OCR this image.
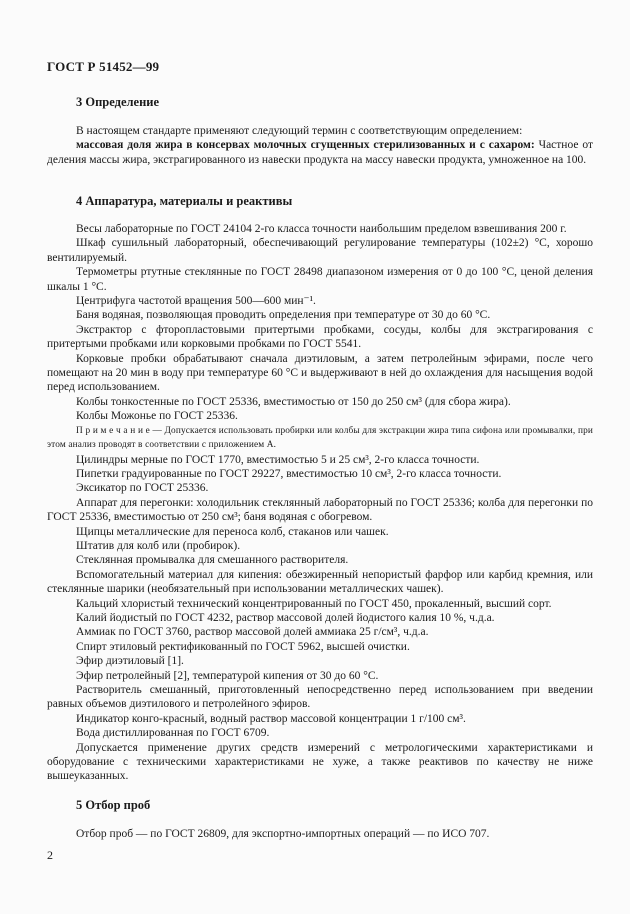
ГОСТ Р 51452—99
3 Определение

В настоящем стандарте применяют следующий термин с соответствующим определением:

массовая доля жира в консервах молочных сгущенных стерилизованных и с сахаром: Частное от деления массы жира, экстрагированного из навески продукта на массу навески продукта, умноженное на 100.

4 Аппаратура, материалы и реактивы

Весы лабораторные по ГОСТ 24104 2-го класса точности наибольшим пределом взвешивания 200 г.

Шкаф сушильный лабораторный, обеспечивающий регулирование температуры (102±2) °С, хорошо вентилируемый.

Термометры ртутные стеклянные по ГОСТ 28498 диапазоном измерения от 0 до 100 °С, ценой деления шкалы 1 °С.

Центрифуга частотой вращения 500—600 мин⁻¹.

Баня водяная, позволяющая проводить определения при температуре от 30 до 60 °С.

Экстрактор с фторопластовыми притертыми пробками, сосуды, колбы для экстрагирования с притертыми пробками или корковыми пробками по ГОСТ 5541.

Корковые пробки обрабатывают сначала диэтиловым, а затем петролейным эфирами, после чего помещают на 20 мин в воду при температуре 60 °С и выдерживают в ней до охлаждения для насыщения водой перед использованием.

Колбы тонкостенные по ГОСТ 25336, вместимостью от 150 до 250 см³ (для сбора жира).

Колбы Можонье по ГОСТ 25336.

П р и м е ч а н и е — Допускается использовать пробирки или колбы для экстракции жира типа сифона или промывалки, при этом анализ проводят в соответствии с приложением А.

Цилиндры мерные по ГОСТ 1770, вместимостью 5 и 25 см³, 2-го класса точности.

Пипетки градуированные по ГОСТ 29227, вместимостью 10 см³, 2-го класса точности.

Эксикатор по ГОСТ 25336.

Аппарат для перегонки: холодильник стеклянный лабораторный по ГОСТ 25336; колба для перегонки по ГОСТ 25336, вместимостью от 250 см³; баня водяная с обогревом.

Щипцы металлические для переноса колб, стаканов или чашек.

Штатив для колб или (пробирок).

Стеклянная промывалка для смешанного растворителя.

Вспомогательный материал для кипения: обезжиренный непористый фарфор или карбид кремния, или стеклянные шарики (необязательный при использовании металлических чашек).

Кальций хлористый технический концентрированный по ГОСТ 450, прокаленный, высший сорт.

Калий йодистый по ГОСТ 4232, раствор массовой долей йодистого калия 10 %, ч.д.а.

Аммиак по ГОСТ 3760, раствор массовой долей аммиака 25 г/см³, ч.д.а.

Спирт этиловый ректификованный по ГОСТ 5962, высшей очистки.

Эфир диэтиловый [1].

Эфир петролейный [2], температурой кипения от 30 до 60 °С.

Растворитель смешанный, приготовленный непосредственно перед использованием при введении равных объемов диэтилового и петролейного эфиров.

Индикатор конго-красный, водный раствор массовой концентрации 1 г/100 см³.

Вода дистиллированная по ГОСТ 6709.

Допускается применение других средств измерений с метрологическими характеристиками и оборудование с техническими характеристиками не хуже, а также реактивов по качеству не ниже вышеуказанных.

5 Отбор проб

Отбор проб — по ГОСТ 26809, для экспортно-импортных операций — по ИСО 707.

2
